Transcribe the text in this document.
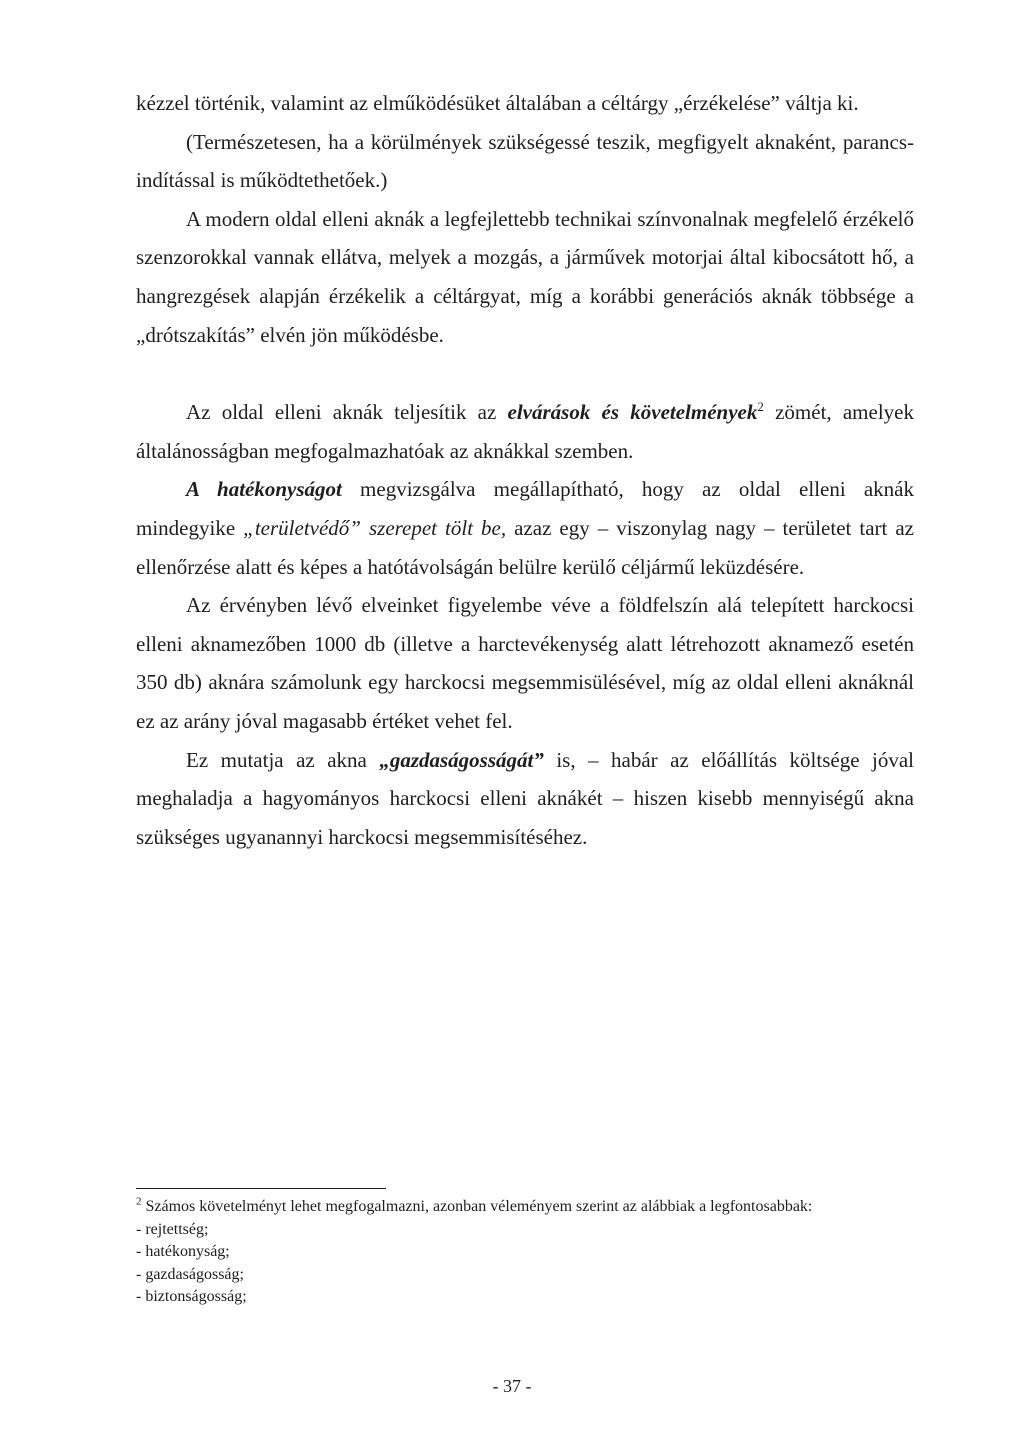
kézzel történik, valamint az elműködésüket általában a céltárgy „érzékelése” váltja ki.

(Természetesen, ha a körülmények szükségessé teszik, megfigyelt aknaként, parancs-indítással is működtethetőek.)

A modern oldal elleni aknák a legfejlettebb technikai színvonalnak megfelelő érzékelő szenzorokkal vannak ellátva, melyek a mozgás, a járművek motorjai által kibocsátott hő, a hangrezgések alapján érzékelik a céltárgyat, míg a korábbi generációs aknák többsége a „drótszakítás” elvén jön működésbe.

Az oldal elleni aknák teljesítik az elvárások és követelmények$^2$ zömét, amelyek általánosságban megfogalmazhatóak az aknákkal szemben.

A hatékonyságot megvizsgálva megállapítható, hogy az oldal elleni aknák mindegyike „területvédő” szerepet tölt be, azaz egy – viszonylag nagy – területet tart az ellenőrzése alatt és képes a hatótávolságán belülre kerülő céljármű leküzdésére.

Az érvényben lévő elveinket figyelembe véve a földfelszín alá telepített harckocsi elleni aknamezőben 1000 db (illetve a harctevékenység alatt létrehozott aknamező esetén 350 db) aknára számolunk egy harckocsi megsemmisülésével, míg az oldal elleni aknáknál ez az arány jóval magasabb értéket vehet fel.

Ez mutatja az akna „gazdaságosságát” is, – habár az előállítás költsége jóval meghaladja a hagyományos harckocsi elleni aknákét – hiszen kisebb mennyiségű akna szükséges ugyanannyi harckocsi megsemmisítéséhez.

$^2$ Számos követelményt lehet megfogalmazni, azonban véleményem szerint az alábbiak a legfontosabbak:

- rejtettség;

- hatékonyság;

- gazdaságosság;

- biztonságosság;

- 37 -
